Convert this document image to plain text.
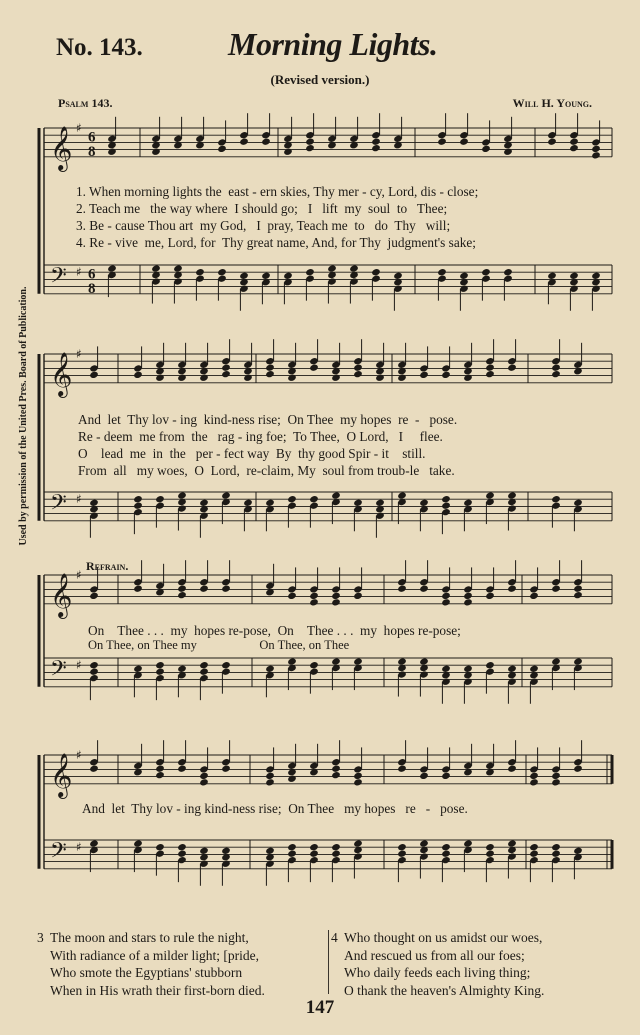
No. 143.	Morning Lights.
(Revised version.)
Psalm 143.	Will H. Young.
Used by permission of the United Pres. Board of Publication.
𝄞
𝄢
♯
♯
6
8
6
8
𝄞
𝄢
♯
♯
𝄞
𝄢
♯
♯
𝄞
𝄢
♯
♯
1. When morning lights the  east - ern skies, Thy mer - cy, Lord, dis - close;
2. Teach me   the way where  I should go;   I   lift  my  soul  to   Thee;
3. Be - cause Thou art  my God,   I  pray, Teach me  to   do  Thy   will;
4. Re - vive  me, Lord, for  Thy great name, And, for Thy  judgment's sake;
And  let  Thy lov - ing  kind-ness rise;  On Thee  my hopes  re  -   pose.
Re - deem  me from  the   rag - ing foe;  To Thee,  O Lord,   I     flee.
O    lead  me  in  the   per - fect way  By  thy good Spir - it    still.
From  all   my woes,  O  Lord,  re-claim, My  soul from troub-le   take.
Refrain.
On    Thee . . .  my  hopes re-pose,  On    Thee . . .  my  hopes re-pose;
On Thee, on Thee my                    On Thee, on Thee
And  let  Thy lov - ing kind-ness rise;  On Thee   my hopes   re   -   pose.
3 The moon and stars to rule the night,
With radiance of a milder light; [pride,
Who smote the Egyptians' stubborn
When in His wrath their first-born died.
4 Who thought on us amidst our woes,
And rescued us from all our foes;
Who daily feeds each living thing;
O thank the heaven's Almighty King.
147
